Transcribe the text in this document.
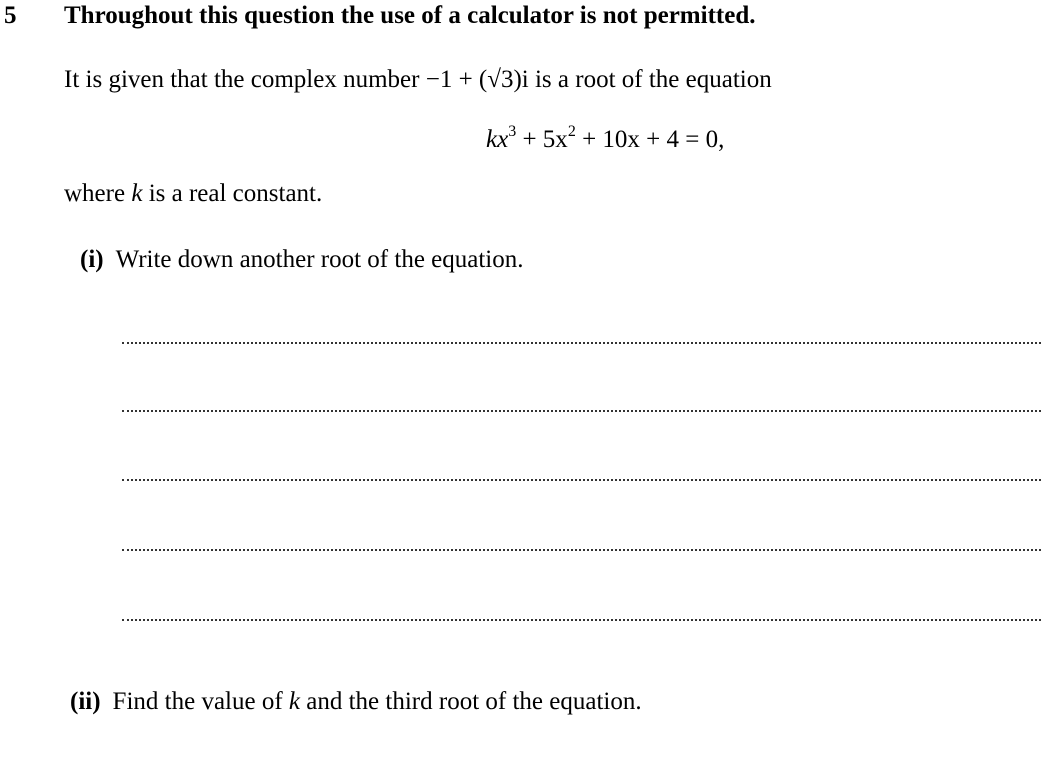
5 Throughout this question the use of a calculator is not permitted.
It is given that the complex number −1 + (√3)i is a root of the equation
$kx^3 + 5x^2 + 10x + 4 = 0$,
where k is a real constant.
(i) Write down another root of the equation.
(ii) Find the value of k and the third root of the equation.
